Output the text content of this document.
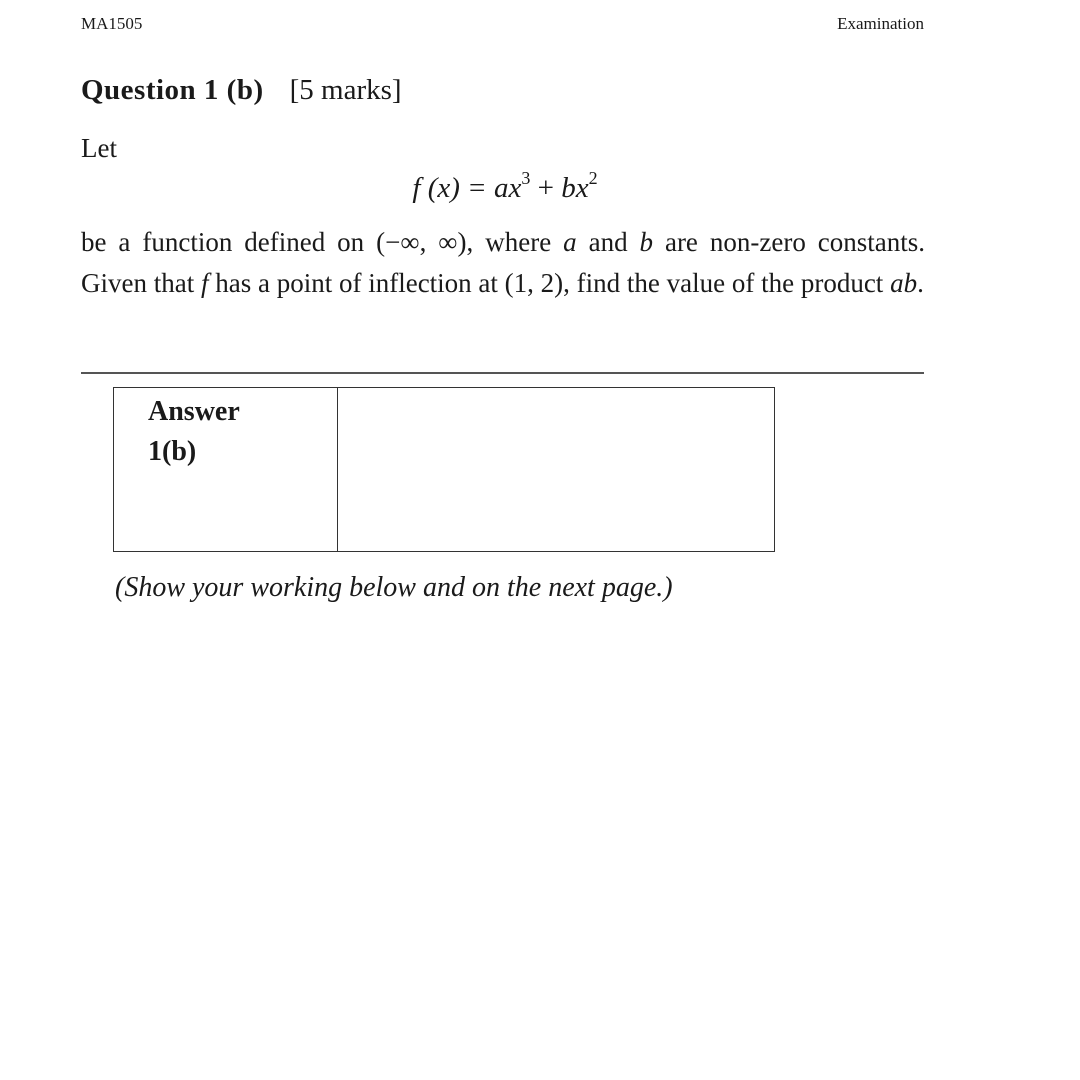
MA1505	Examination
Question 1 (b) [5 marks]
Let
f $(x) = ax^3 + bx^2$
be a function defined on (−∞, ∞), where a and b are non-zero constants. Given that f has a point of inflection at (1, 2), find the value of the product ab.
Answer
1(b)
(Show your working below and on the next page.)
